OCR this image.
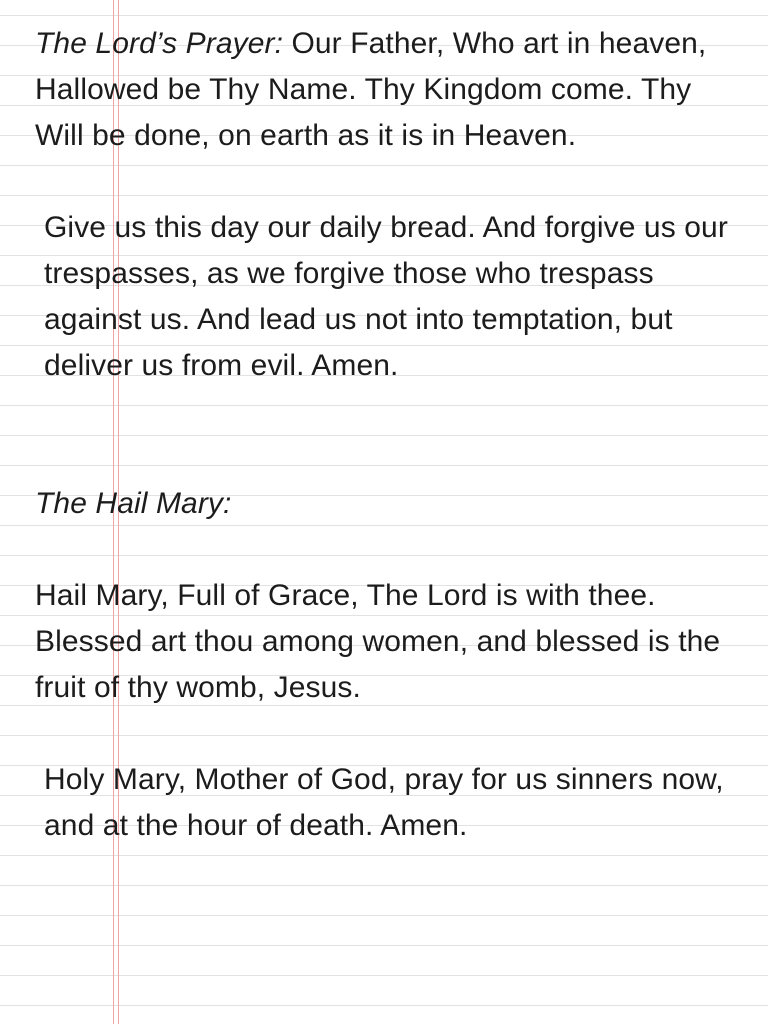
The Lord’s Prayer: Our Father, Who art in heaven, Hallowed be Thy Name. Thy Kingdom come. Thy Will be done, on earth as it is in Heaven.

Give us this day our daily bread. And forgive us our trespasses, as we forgive those who trespass against us. And lead us not into temptation, but deliver us from evil. Amen.

The Hail Mary:

Hail Mary, Full of Grace, The Lord is with thee. Blessed art thou among women, and blessed is the fruit of thy womb, Jesus.

Holy Mary, Mother of God, pray for us sinners now, and at the hour of death. Amen.
